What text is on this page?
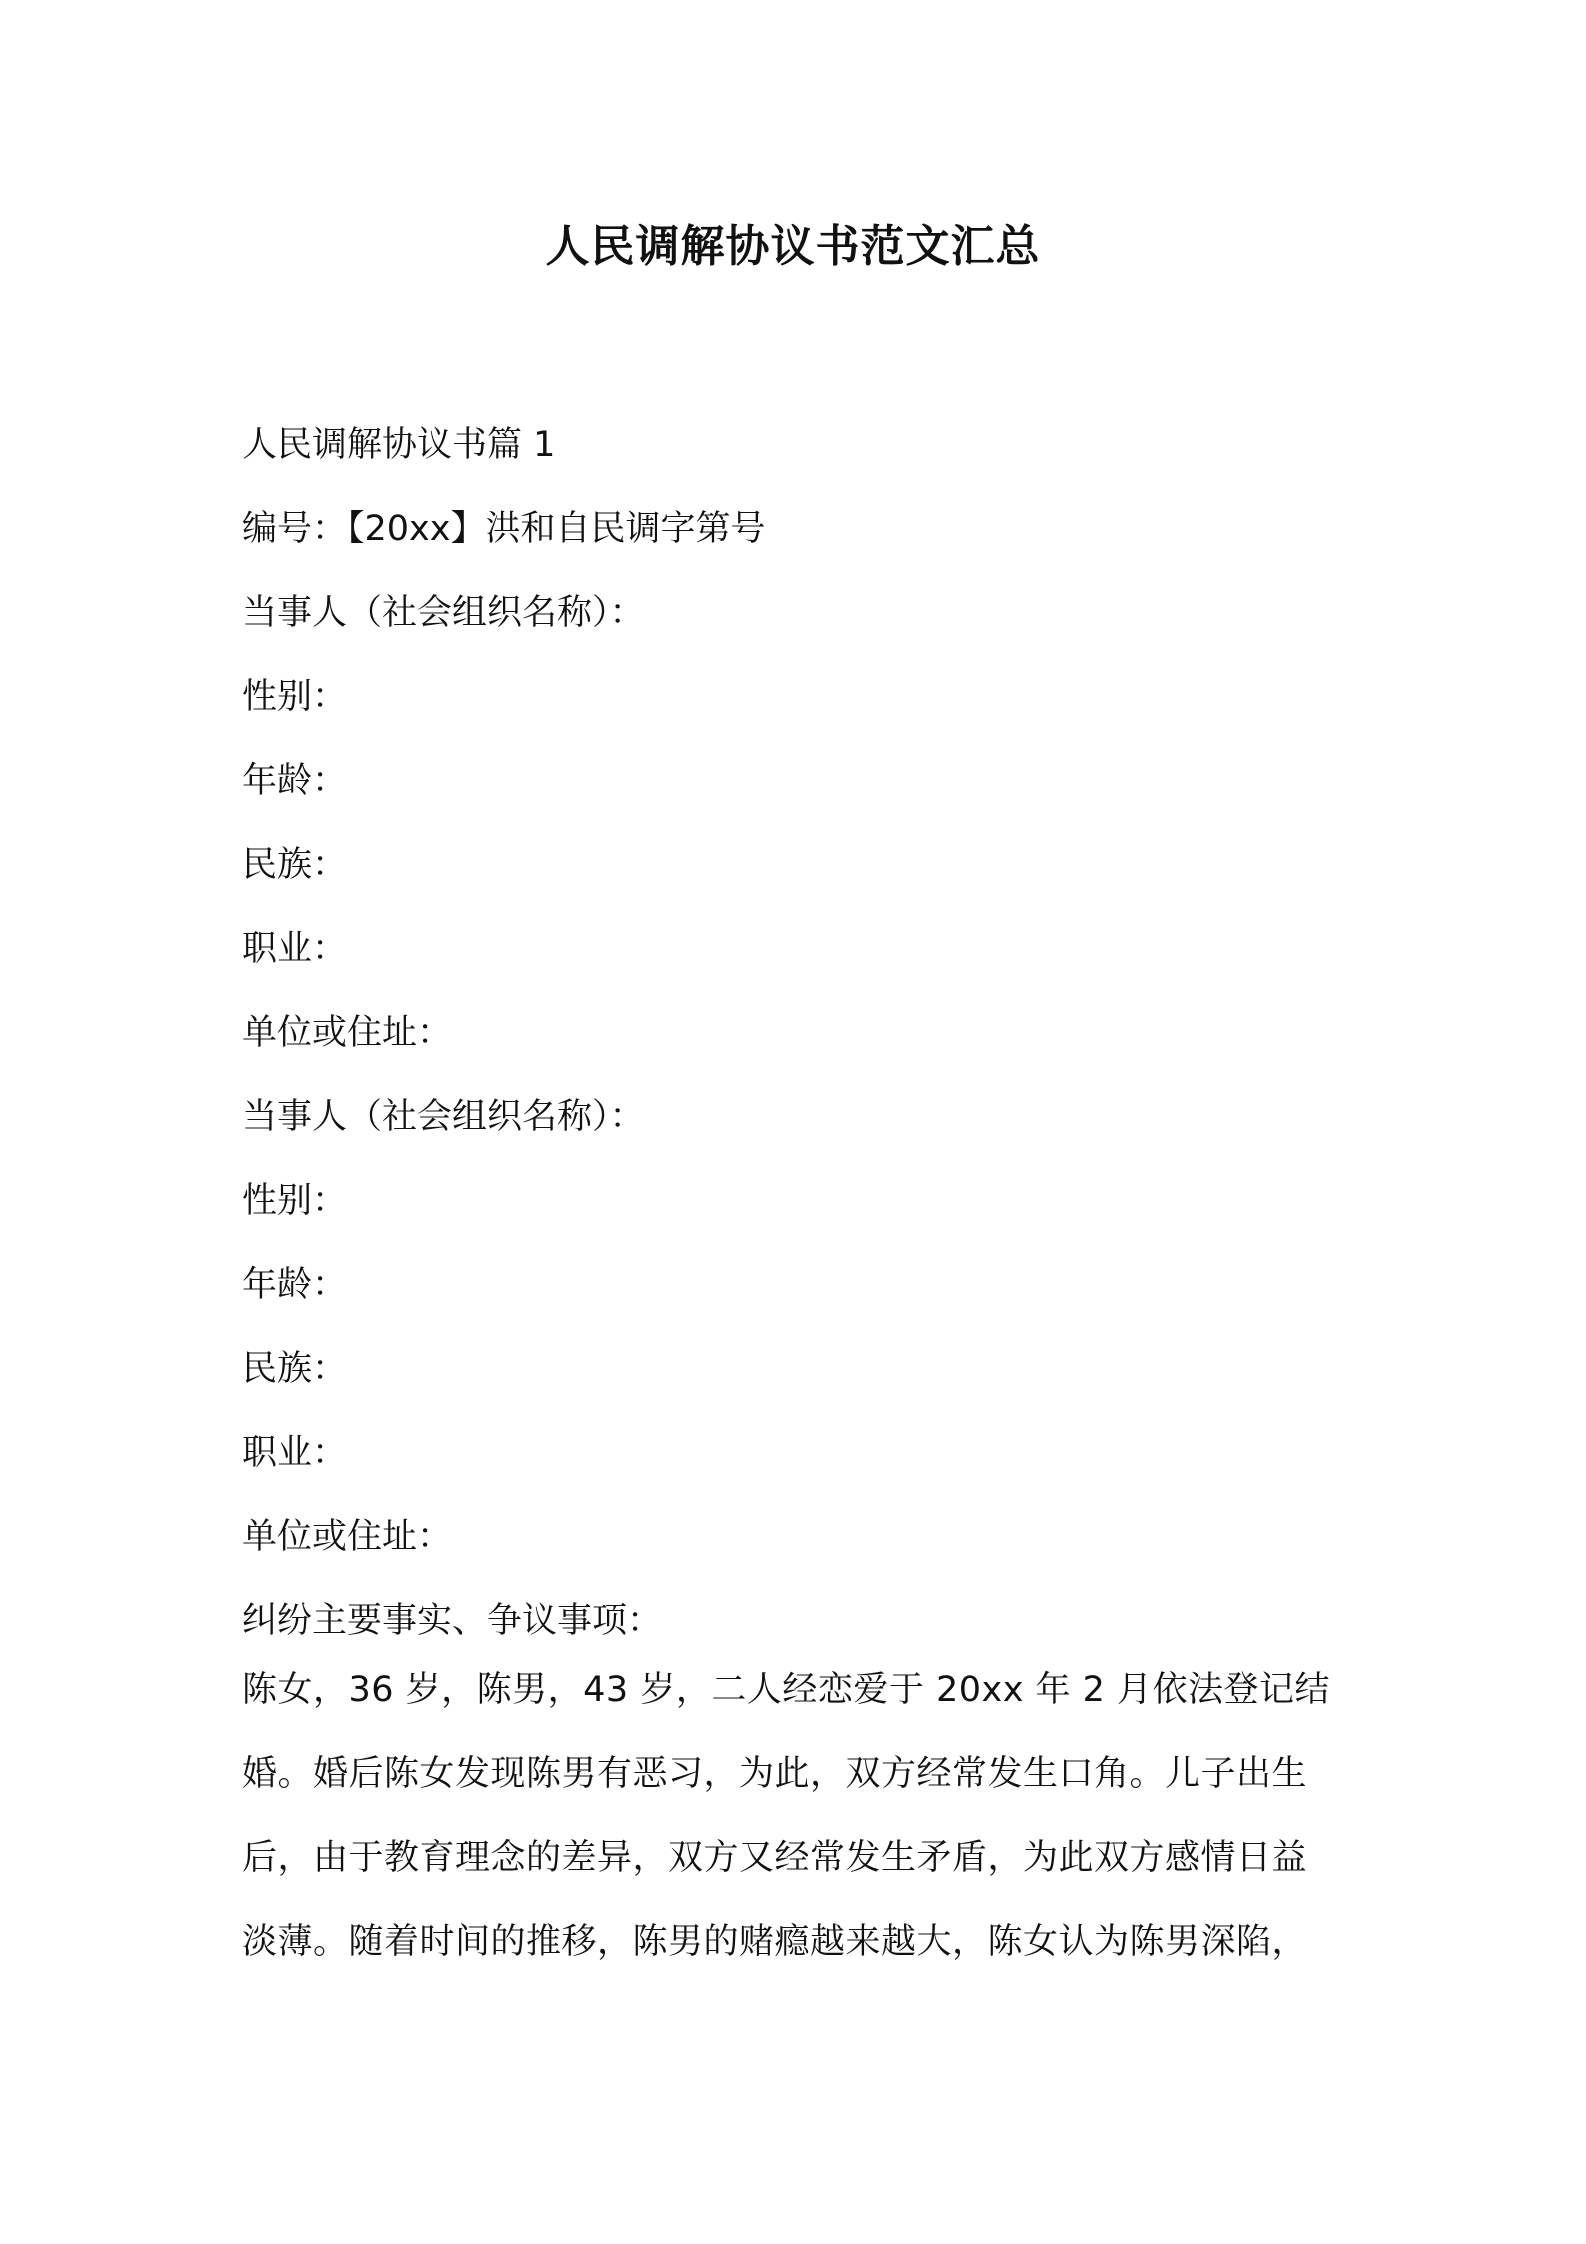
人民调解协议书范文汇总
人民调解协议书篇 1
编号：【20xx】洪和自民调字第号
当事人（社会组织名称）：
性别：
年龄：
民族：
职业：
单位或住址：
当事人（社会组织名称）：
性别：
年龄：
民族：
职业：
单位或住址：
纠纷主要事实、争议事项：
陈女，36 岁，陈男，43 岁，二人经恋爱于 20xx 年 2 月依法登记结
婚。婚后陈女发现陈男有恶习，为此，双方经常发生口角。儿子出生
后，由于教育理念的差异，双方又经常发生矛盾，为此双方感情日益
淡薄。随着时间的推移，陈男的赌瘾越来越大，陈女认为陈男深陷，
